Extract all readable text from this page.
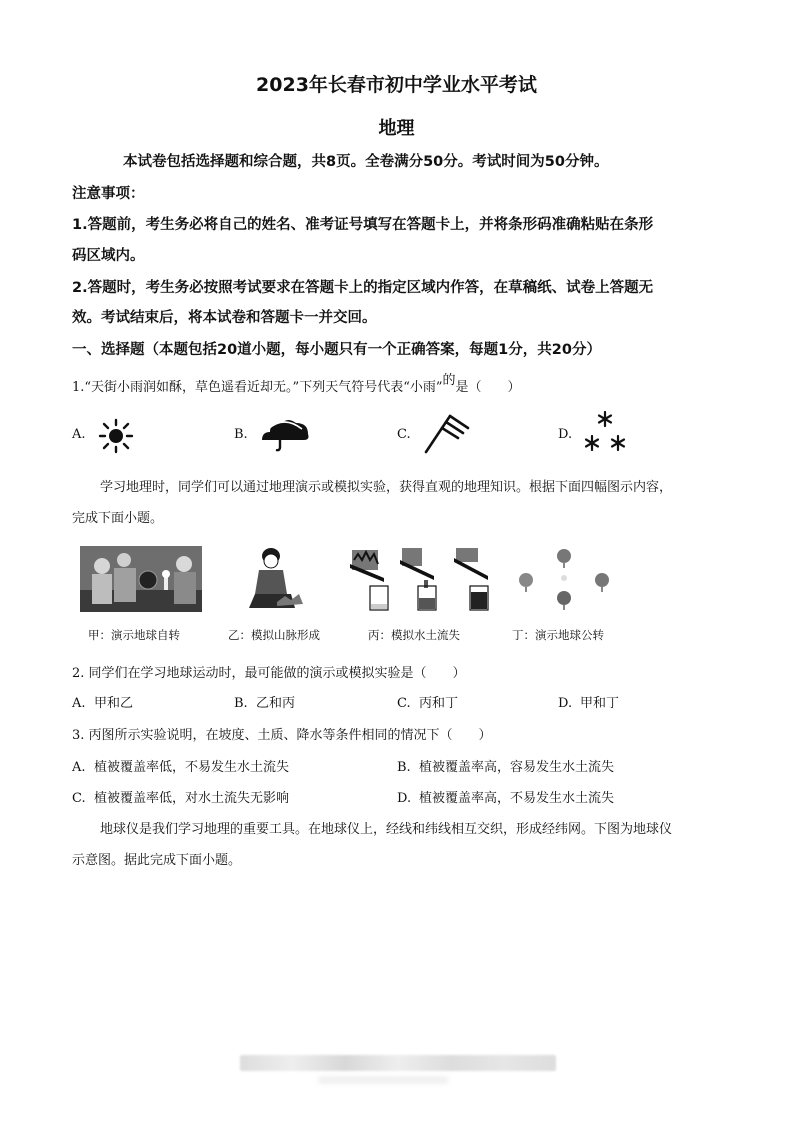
2023年长春市初中学业水平考试
地理
本试卷包括选择题和综合题，共8页。全卷满分50分。考试时间为50分钟。
注意事项：
1.答题前，考生务必将自己的姓名、准考证号填写在答题卡上，并将条形码准确粘贴在条形
码区域内。
2.答题时，考生务必按照考试要求在答题卡上的指定区域内作答，在草稿纸、试卷上答题无
效。考试结束后，将本试卷和答题卡一并交回。
一、选择题（本题包括20道小题，每小题只有一个正确答案，每题1分，共20分）
1.“天街小雨润如酥，草色遥看近却无。”下列天气符号代表“小雨”的是（　　）
A.	B.	C.	D.
学习地理时，同学们可以通过地理演示或模拟实验，获得直观的地理知识。根据下面四幅图示内容，
完成下面小题。
甲：演示地球自转	乙：模拟山脉形成	丙：模拟水土流失	丁：演示地球公转
2. 同学们在学习地球运动时，最可能做的演示或模拟实验是（　　）
A. 甲和乙	B. 乙和丙	C. 丙和丁	D. 甲和丁
3. 丙图所示实验说明，在坡度、土质、降水等条件相同的情况下（　　）
A. 植被覆盖率低，不易发生水土流失	B. 植被覆盖率高，容易发生水土流失
C. 植被覆盖率低，对水土流失无影响	D. 植被覆盖率高，不易发生水土流失
地球仪是我们学习地理的重要工具。在地球仪上，经线和纬线相互交织，形成经纬网。下图为地球仪
示意图。据此完成下面小题。
